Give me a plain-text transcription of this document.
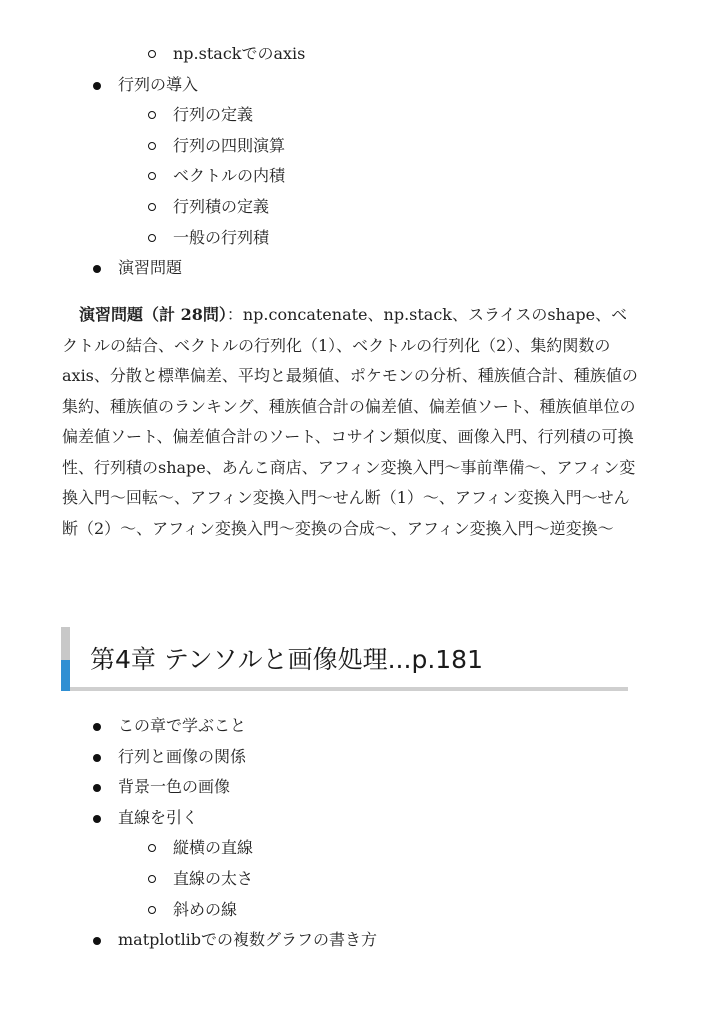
np.stackでのaxis
行列の導入
行列の定義
行列の四則演算
ベクトルの内積
行列積の定義
一般の行列積
演習問題
演習問題（計 28問）：np.concatenate、np.stack、スライスのshape、ベクトルの結合、ベクトルの行列化（1）、ベクトルの行列化（2）、集約関数のaxis、分散と標準偏差、平均と最頻値、ポケモンの分析、種族値合計、種族値の集約、種族値のランキング、種族値合計の偏差値、偏差値ソート、種族値単位の偏差値ソート、偏差値合計のソート、コサイン類似度、画像入門、行列積の可換性、行列積のshape、あんこ商店、アフィン変換入門〜事前準備〜、アフィン変換入門〜回転〜、アフィン変換入門〜せん断（1）〜、アフィン変換入門〜せん断（2）〜、アフィン変換入門〜変換の合成〜、アフィン変換入門〜逆変換〜
第4章 テンソルと画像処理...p.181
この章で学ぶこと
行列と画像の関係
背景一色の画像
直線を引く
縦横の直線
直線の太さ
斜めの線
matplotlibでの複数グラフの書き方
